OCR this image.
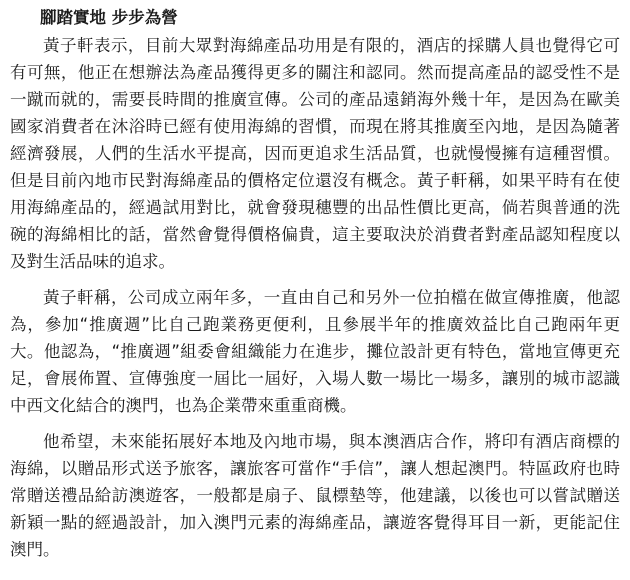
腳踏實地 步步為營

黃子軒表示，目前大眾對海綿產品功用是有限的，酒店的採購人員也覺得它可有可無，他正在想辦法為產品獲得更多的關注和認同。然而提高產品的認受性不是一蹴而就的，需要長時間的推廣宣傳。公司的產品遠銷海外幾十年，是因為在歐美國家消費者在沐浴時已經有使用海綿的習慣，而現在將其推廣至內地，是因為隨著經濟發展，人們的生活水平提高，因而更追求生活品質，也就慢慢擁有這種習慣。但是目前內地市民對海綿產品的價格定位還沒有概念。黃子軒稱，如果平時有在使用海綿產品的，經過試用對比，就會發現穗豐的出品性價比更高，倘若與普通的洗碗的海綿相比的話，當然會覺得價格偏貴，這主要取決於消費者對產品認知程度以及對生活品味的追求。

黃子軒稱，公司成立兩年多，一直由自己和另外一位拍檔在做宣傳推廣，他認為，參加“推廣週”比自己跑業務更便利，且參展半年的推廣效益比自己跑兩年更大。他認為，“推廣週”組委會組織能力在進步，攤位設計更有特色，當地宣傳更充足，會展佈置、宣傳強度一屆比一屆好，入場人數一場比一場多，讓別的城市認識中西文化結合的澳門，也為企業帶來重重商機。

他希望，未來能拓展好本地及內地市場，與本澳酒店合作，將印有酒店商標的海綿，以贈品形式送予旅客，讓旅客可當作“手信”，讓人想起澳門。特區政府也時常贈送禮品給訪澳遊客，一般都是扇子、鼠標墊等，他建議，以後也可以嘗試贈送新穎一點的經過設計，加入澳門元素的海綿產品，讓遊客覺得耳目一新，更能記住澳門。
